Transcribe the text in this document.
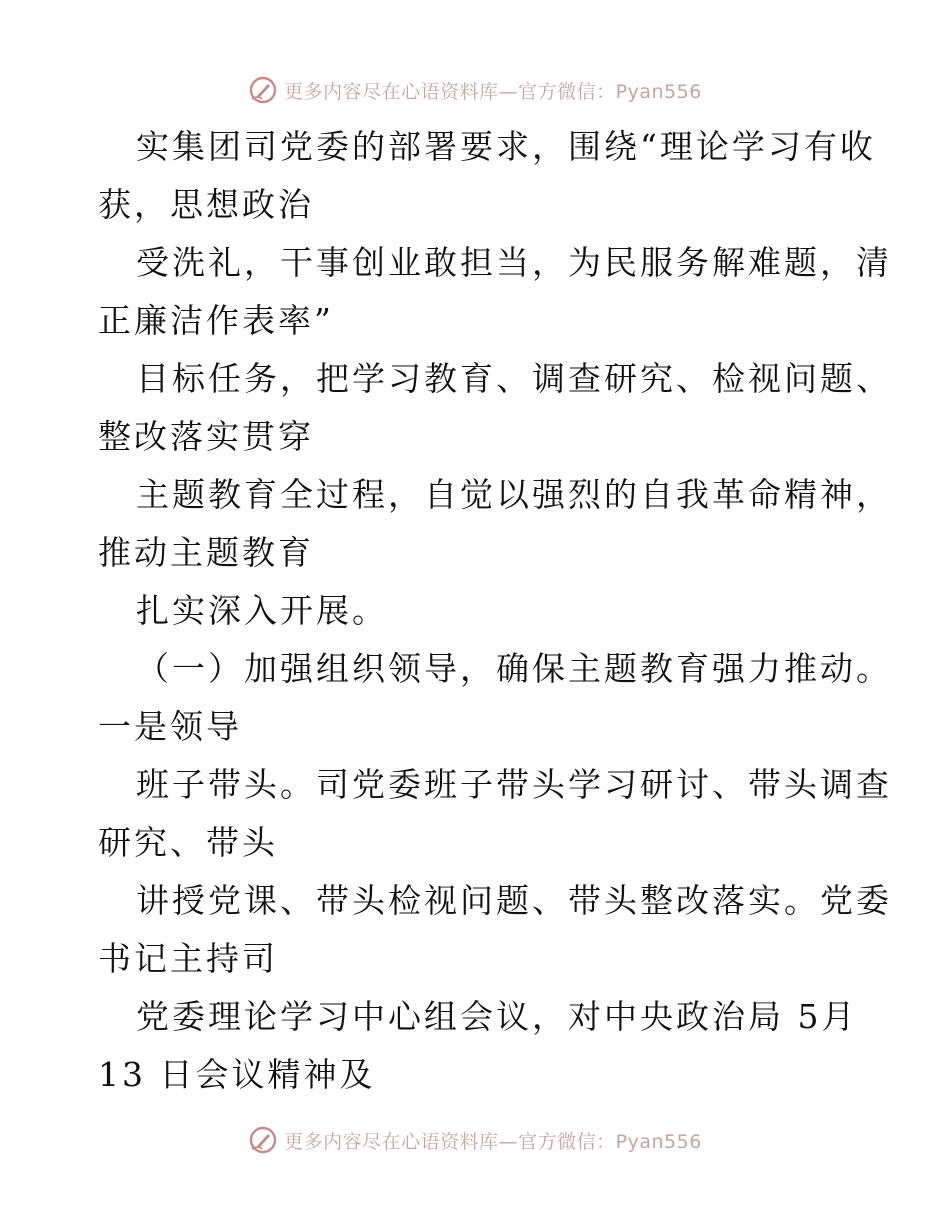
更多内容尽在心语资料库—官方微信：Pyan556
实集团司党委的部署要求，围绕“理论学习有收
获，思想政治
受洗礼，干事创业敢担当，为民服务解难题，清
正廉洁作表率”
目标任务，把学习教育、调查研究、检视问题、
整改落实贯穿
主题教育全过程，自觉以强烈的自我革命精神，
推动主题教育
扎实深入开展。
（一）加强组织领导，确保主题教育强力推动。
一是领导
班子带头。司党委班子带头学习研讨、带头调查
研究、带头
讲授党课、带头检视问题、带头整改落实。党委
书记主持司
党委理论学习中心组会议，对中央政治局 5月
13 日会议精神及
更多内容尽在心语资料库—官方微信：Pyan556
